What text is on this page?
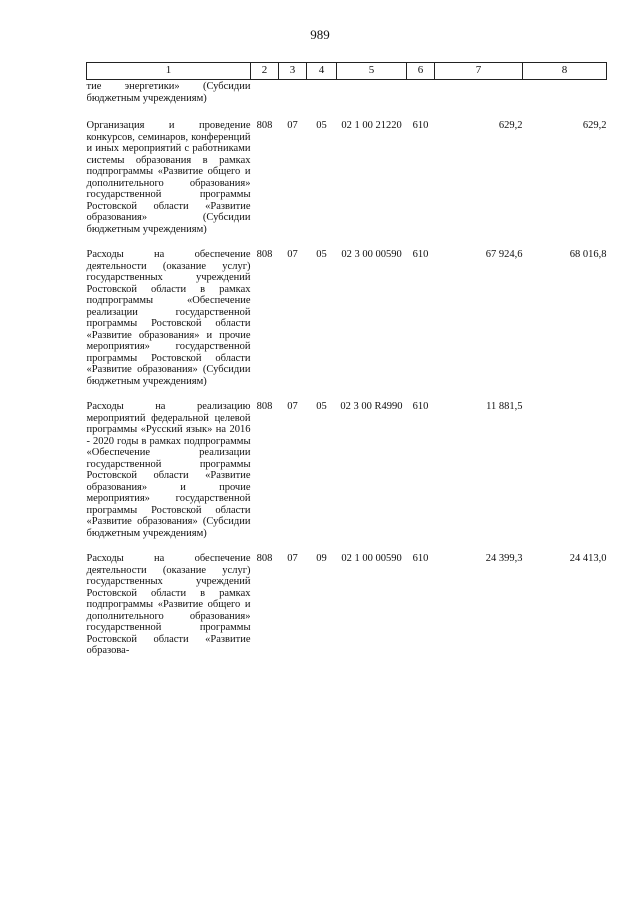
989
1	2	3	4	5	6	7	8
тие энергетики» (Субсидии бюджетным учреждениям)							
Организация и проведение конкурсов, семинаров, конференций и иных мероприятий с работниками системы образования в рамках подпрограммы «Развитие общего и дополнительного образования» государственной программы Ростовской области «Развитие образования» (Субсидии бюджетным учреждениям)	808	07	05	02 1 00 21220	610	629,2	629,2
Расходы на обеспечение деятельности (оказание услуг) государственных учреждений Ростовской области в рамках подпрограммы «Обеспечение реализации государственной программы Ростовской области «Развитие образования» и прочие мероприятия» государственной программы Ростовской области «Развитие образования» (Субсидии бюджетным учреждениям)	808	07	05	02 3 00 00590	610	67 924,6	68 016,8
Расходы на реализацию мероприятий федеральной целевой программы «Русский язык» на 2016 - 2020 годы в рамках подпрограммы «Обеспечение реализации государственной программы Ростовской области «Развитие образования» и прочие мероприятия» государственной программы Ростовской области «Развитие образования» (Субсидии бюджетным учреждениям)	808	07	05	02 3 00 R4990	610	11 881,5	
Расходы на обеспечение деятельности (оказание услуг) государственных учреждений Ростовской области в рамках подпрограммы «Развитие общего и дополнительного образования» государственной программы Ростовской области «Развитие образова-	808	07	09	02 1 00 00590	610	24 399,3	24 413,0
